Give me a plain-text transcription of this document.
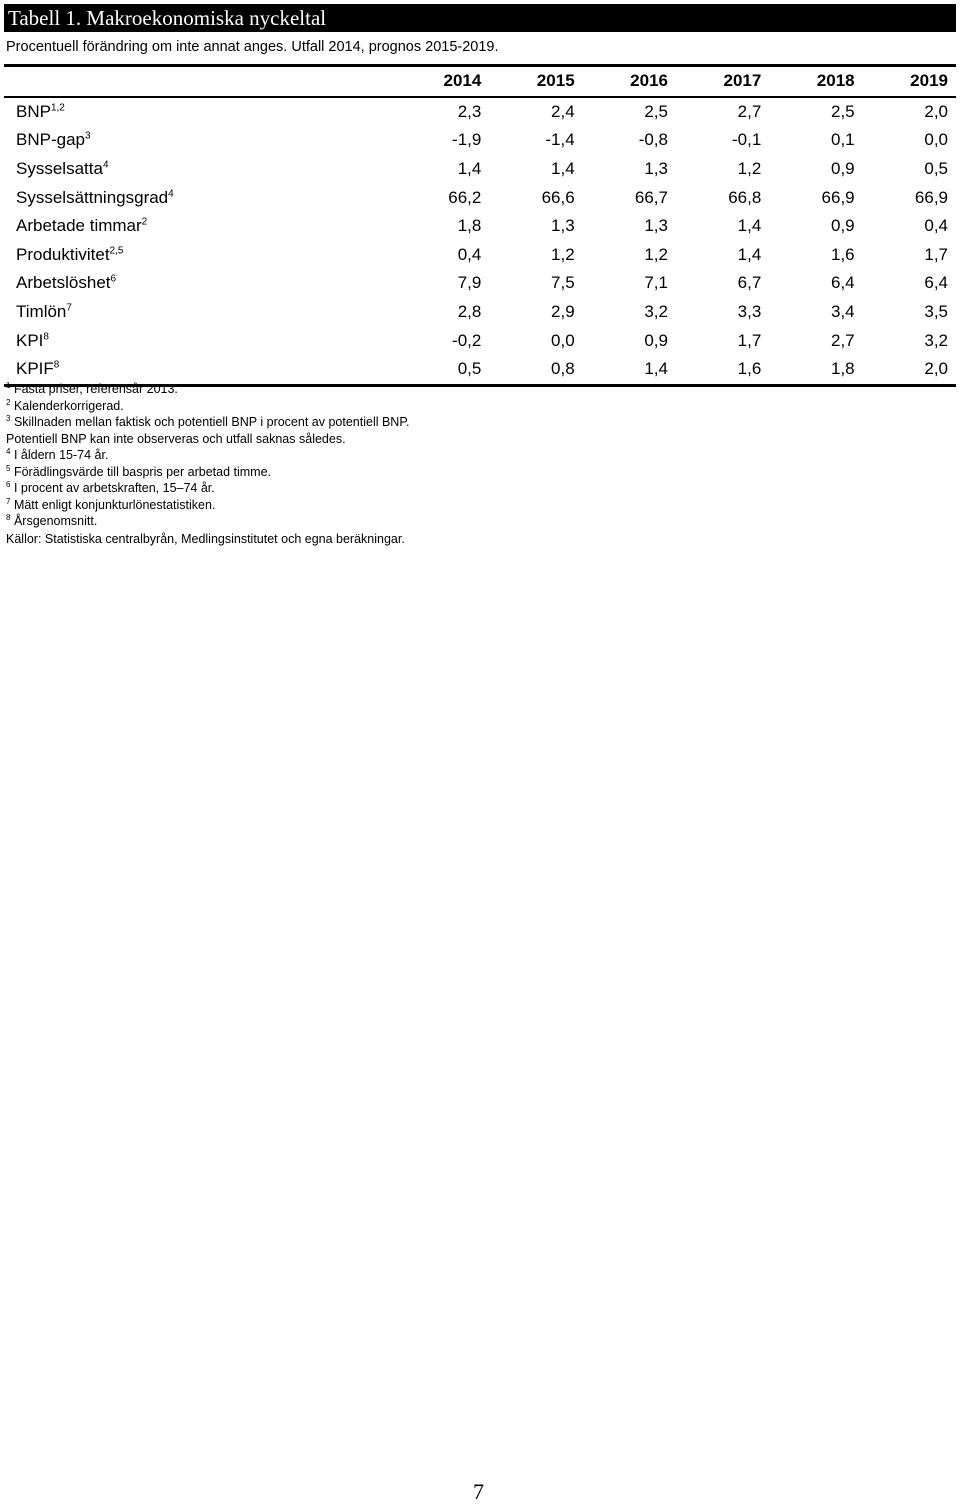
Tabell 1. Makroekonomiska nyckeltal
Procentuell förändring om inte annat anges. Utfall 2014, prognos 2015-2019.
	2014	2015	2016	2017	2018	2019
BNP$^{1,2}$	2,3	2,4	2,5	2,7	2,5	2,0
BNP-gap$^3$	-1,9	-1,4	-0,8	-0,1	0,1	0,0
Sysselsatta$^4$	1,4	1,4	1,3	1,2	0,9	0,5
Sysselsättningsgrad$^4$	66,2	66,6	66,7	66,8	66,9	66,9
Arbetade timmar$^2$	1,8	1,3	1,3	1,4	0,9	0,4
Produktivitet$^{2,5}$	0,4	1,2	1,2	1,4	1,6	1,7
Arbetslöshet$^6$	7,9	7,5	7,1	6,7	6,4	6,4
Timlön$^7$	2,8	2,9	3,2	3,3	3,4	3,5
KPI$^8$	-0,2	0,0	0,9	1,7	2,7	3,2
KPIF$^8$	0,5	0,8	1,4	1,6	1,8	2,0
$^1$ Fasta priser, referensår 2013.
$^2$ Kalenderkorrigerad.
$^3$ Skillnaden mellan faktisk och potentiell BNP i procent av potentiell BNP.
Potentiell BNP kan inte observeras och utfall saknas således.
$^4$ I åldern 15-74 år.
$^5$ Förädlingsvärde till baspris per arbetad timme.
$^6$ I procent av arbetskraften, 15–74 år.
$^7$ Mätt enligt konjunkturlönestatistiken.
$^8$ Årsgenomsnitt.
Källor: Statistiska centralbyrån, Medlingsinstitutet och egna beräkningar.
7
